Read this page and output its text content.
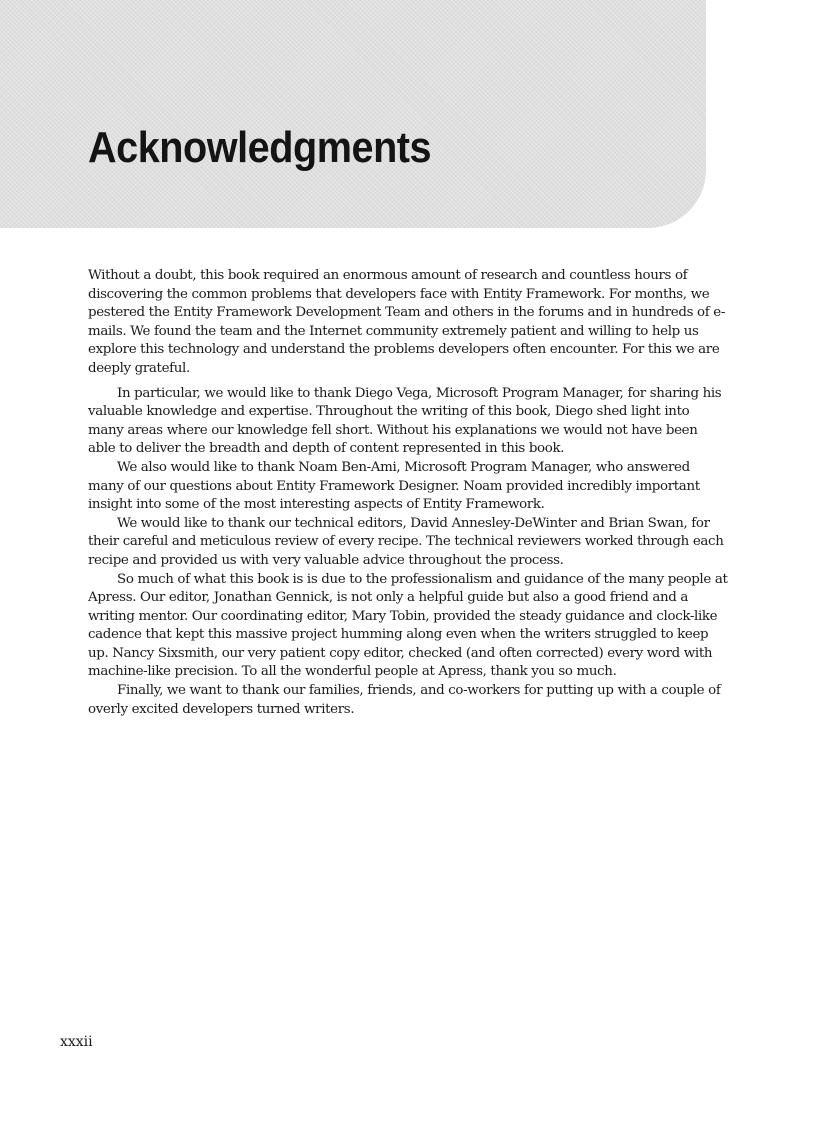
Acknowledgments

Without a doubt, this book required an enormous amount of research and countless hours of discovering the common problems that developers face with Entity Framework. For months, we pestered the Entity Framework Development Team and others in the forums and in hundreds of e-mails. We found the team and the Internet community extremely patient and willing to help us explore this technology and understand the problems developers often encounter. For this we are deeply grateful.

In particular, we would like to thank Diego Vega, Microsoft Program Manager, for sharing his valuable knowledge and expertise. Throughout the writing of this book, Diego shed light into many areas where our knowledge fell short. Without his explanations we would not have been able to deliver the breadth and depth of content represented in this book.

We also would like to thank Noam Ben-Ami, Microsoft Program Manager, who answered many of our questions about Entity Framework Designer. Noam provided incredibly important insight into some of the most interesting aspects of Entity Framework.

We would like to thank our technical editors, David Annesley-DeWinter and Brian Swan, for their careful and meticulous review of every recipe. The technical reviewers worked through each recipe and provided us with very valuable advice throughout the process.

So much of what this book is is due to the professionalism and guidance of the many people at Apress. Our editor, Jonathan Gennick, is not only a helpful guide but also a good friend and a writing mentor. Our coordinating editor, Mary Tobin, provided the steady guidance and clock-like cadence that kept this massive project humming along even when the writers struggled to keep up. Nancy Sixsmith, our very patient copy editor, checked (and often corrected) every word with machine-like precision. To all the wonderful people at Apress, thank you so much.

Finally, we want to thank our families, friends, and co-workers for putting up with a couple of overly excited developers turned writers.

xxxii
